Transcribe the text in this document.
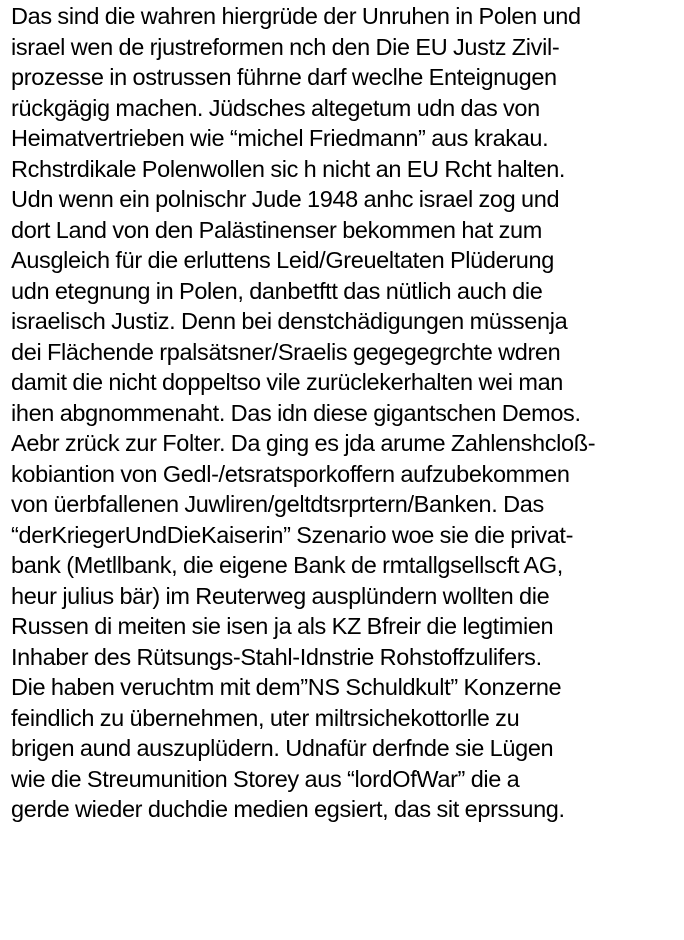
Das sind die wahren hiergrüde der Unruhen in Polen und
israel wen de rjustreformen nch den Die EU Justz Zivil-
prozesse in ostrussen führne darf weclhe Enteignugen
rückgägig machen. Jüdsches altegetum udn das von
Heimatvertrieben wie “michel Friedmann” aus krakau.
Rchstrdikale Polenwollen sic h nicht an EU Rcht halten.
Udn wenn ein polnischr Jude 1948 anhc israel zog und
dort Land von den Palästinenser bekommen hat zum
Ausgleich für die erluttens Leid/Greueltaten Plüderung
udn etegnung in Polen, danbetftt das nütlich auch die
israelisch Justiz. Denn bei denstchädigungen müssenja
dei Flächende rpalsätsner/Sraelis gegegegrchte wdren
damit die nicht doppeltso vile zurüclekerhalten wei man
ihen abgnommenaht. Das idn diese gigantschen Demos.
Aebr zrück zur Folter. Da ging es jda arume Zahlenshcloß-
kobiantion von Gedl-/etsratsporkoffern aufzubekommen
von üerbfallenen Juwliren/geltdtsrprtern/Banken. Das
“derKriegerUndDieKaiserin” Szenario woe sie die privat-
bank (Metllbank, die eigene Bank de rmtallgsellscft AG,
heur julius bär) im Reuterweg ausplündern wollten die
Russen di meiten sie isen ja als KZ Bfreir die legtimien
Inhaber des Rütsungs-Stahl-Idnstrie Rohstoffzulifers.
Die haben veruchtm mit dem”NS Schuldkult” Konzerne
feindlich zu übernehmen, uter miltrsichekottorlle zu
brigen aund auszuplüdern. Udnafür derfnde sie Lügen
wie die Streumunition Storey aus “lordOfWar” die a
gerde wieder duchdie medien egsiert, das sit eprssung.
